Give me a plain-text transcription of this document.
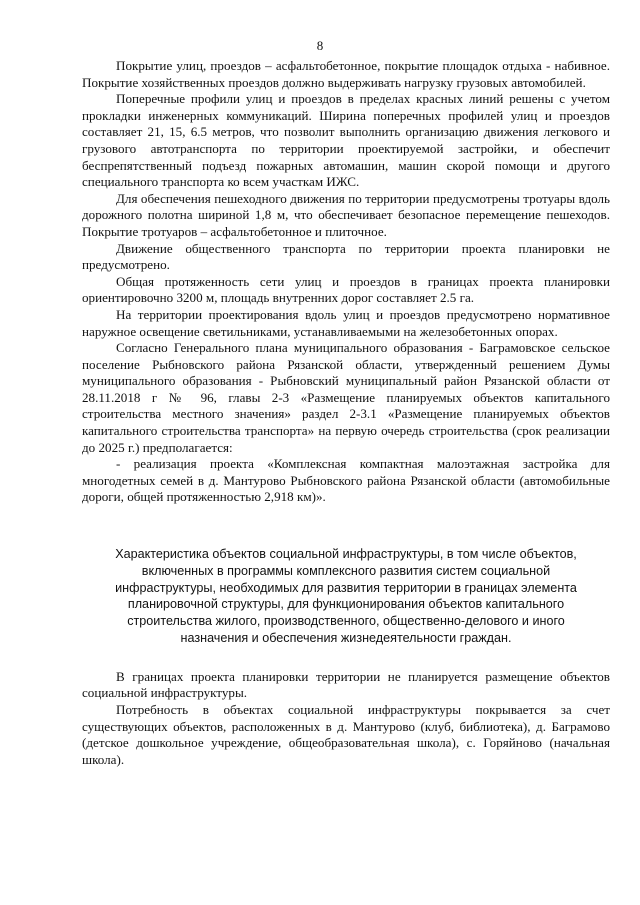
8

Покрытие улиц, проездов – асфальтобетонное, покрытие площадок отдыха - набивное. Покрытие хозяйственных проездов должно выдерживать нагрузку грузовых автомобилей.

Поперечные профили улиц и проездов в пределах красных линий решены с учетом прокладки инженерных коммуникаций. Ширина поперечных профилей улиц и проездов составляет 21, 15, 6.5 метров, что позволит выполнить организацию движения легкового и грузового автотранспорта по территории проектируемой застройки, и обеспечит беспрепятственный подъезд пожарных автомашин, машин скорой помощи и другого специального транспорта ко всем участкам ИЖС.

Для обеспечения пешеходного движения по территории предусмотрены тротуары вдоль дорожного полотна шириной 1,8 м, что обеспечивает безопасное перемещение пешеходов. Покрытие тротуаров – асфальтобетонное и плиточное.

Движение общественного транспорта по территории проекта планировки не предусмотрено.

Общая протяженность сети улиц и проездов в границах проекта планировки ориентировочно 3200 м, площадь внутренних дорог составляет 2.5 га.

На территории проектирования вдоль улиц и проездов предусмотрено нормативное наружное освещение светильниками, устанавливаемыми на железобетонных опорах.

Согласно Генерального плана муниципального образования - Баграмовское сельское поселение Рыбновского района Рязанской области, утвержденный решением Думы муниципального образования - Рыбновский муниципальный район Рязанской области от 28.11.2018 г № 96, главы 2-3 «Размещение планируемых объектов капитального строительства местного значения» раздел 2-3.1 «Размещение планируемых объектов капитального строительства транспорта» на первую очередь строительства (срок реализации до 2025 г.) предполагается:

- реализация проекта «Комплексная компактная малоэтажная застройка для многодетных семей в д. Мантурово Рыбновского района Рязанской области (автомобильные дороги, общей протяженностью 2,918 км)».

Характеристика объектов социальной инфраструктуры, в том числе объектов, включенных в программы комплексного развития систем социальной инфраструктуры, необходимых для развития территории в границах элемента планировочной структуры, для функционирования объектов капитального строительства жилого, производственного, общественно-делового и иного назначения и обеспечения жизнедеятельности граждан.

В границах проекта планировки территории не планируется размещение объектов социальной инфраструктуры.

Потребность в объектах социальной инфраструктуры покрывается за счет существующих объектов, расположенных в д. Мантурово (клуб, библиотека), д. Баграмово (детское дошкольное учреждение, общеобразовательная школа), с. Горяйново (начальная школа).
